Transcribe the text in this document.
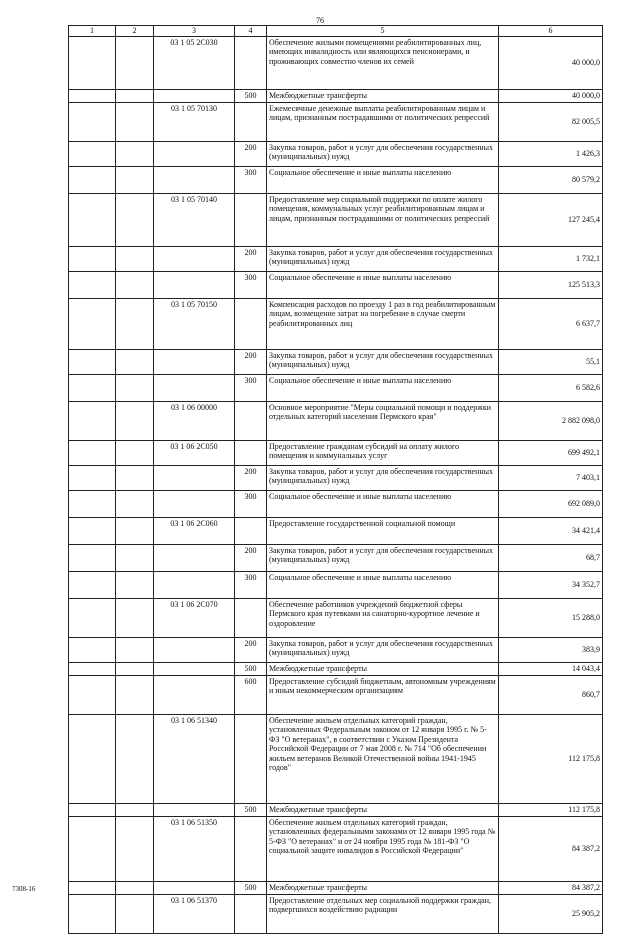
76
1	2	3	4	5	6
		03 1 05 2С030		Обеспечение жилыми помещениями реабилитированных лиц, имеющих инвалидность или являющихся пенсионерами, и проживающих совместно членов их семей	40 000,0
			500	Межбюджетные трансферты	40 000,0
		03 1 05 70130		Ежемесячные денежные выплаты реабилитированным лицам и лицам, признанным пострадавшими от политических репрессий	82 005,5
			200	Закупка товаров, работ и услуг для обеспечения государственных (муниципальных) нужд	1 426,3
			300	Социальное обеспечение и иные выплаты населению	80 579,2
		03 1 05 70140		Предоставление мер социальной поддержки по оплате жилого помещения, коммунальных услуг реабилитированным лицам и лицам, признанным пострадавшими от политических репрессий	127 245,4
			200	Закупка товаров, работ и услуг для обеспечения государственных (муниципальных) нужд	1 732,1
			300	Социальное обеспечение и иные выплаты населению	125 513,3
		03 1 05 70150		Компенсация расходов по проезду 1 раз в год реабилитированным лицам, возмещение затрат на погребение в случае смерти реабилитированных лиц	6 637,7
			200	Закупка товаров, работ и услуг для обеспечения государственных (муниципальных) нужд	55,1
			300	Социальное обеспечение и иные выплаты населению	6 582,6
		03 1 06 00000		Основное мероприятие "Меры социальной помощи и поддержки отдельных категорий населения Пермского края"	2 882 098,0
		03 1 06 2С050		Предоставление гражданам субсидий на оплату жилого помещения и коммунальных услуг	699 492,1
			200	Закупка товаров, работ и услуг для обеспечения государственных (муниципальных) нужд	7 403,1
			300	Социальное обеспечение и иные выплаты населению	692 089,0
		03 1 06 2С060		Предоставление государственной социальной помощи	34 421,4
			200	Закупка товаров, работ и услуг для обеспечения государственных (муниципальных) нужд	68,7
			300	Социальное обеспечение и иные выплаты населению	34 352,7
		03 1 06 2С070		Обеспечение работников учреждений бюджетной сферы Пермского края путевками на санаторно-курортное лечение и оздоровление	15 288,0
			200	Закупка товаров, работ и услуг для обеспечения государственных (муниципальных) нужд	383,9
			500	Межбюджетные трансферты	14 043,4
			600	Предоставление субсидий бюджетным, автономным учреждениям и иным некоммерческим организациям	860,7
		03 1 06 51340		Обеспечение жильем отдельных категорий граждан, установленных Федеральным законом от 12 января 1995 г. № 5-ФЗ "О ветеранах", в соответствии с Указом Президента Российской Федерации от 7 мая 2008 г. № 714 "Об обеспечении жильем ветеранов Великой Отечественной войны 1941-1945 годов"	112 175,8
			500	Межбюджетные трансферты	112 175,8
		03 1 06 51350		Обеспечение жильем отдельных категорий граждан, установленных федеральными законами от 12 января 1995 года № 5-ФЗ "О ветеранах" и от 24 ноября 1995 года № 181-ФЗ "О социальной защите инвалидов в Российской Федерации"	84 387,2
			500	Межбюджетные трансферты	84 387,2
		03 1 06 51370		Предоставление отдельных мер социальной поддержки граждан, подвергшихся воздействию радиации	25 905,2
7308-16
